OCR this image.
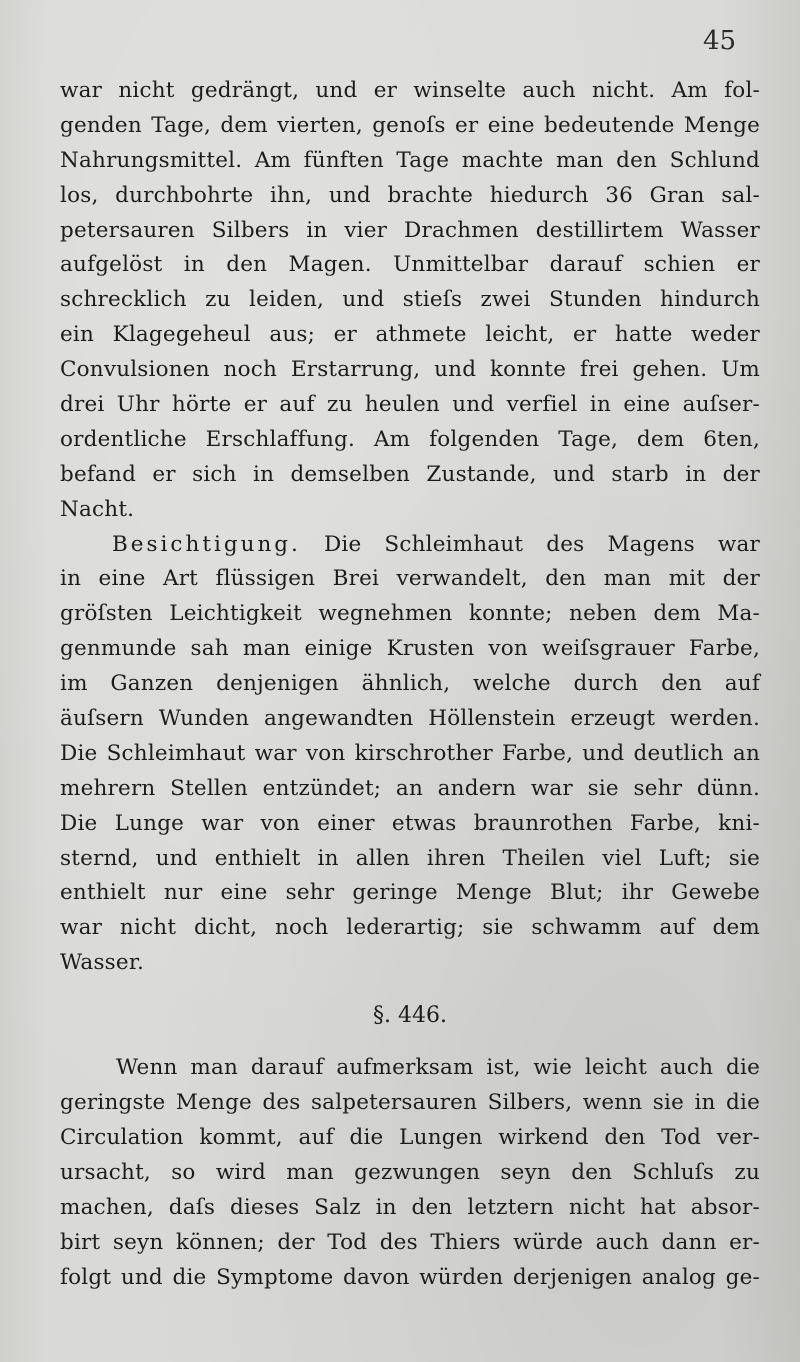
45
war nicht gedrängt, und er winselte auch nicht. Am fol-
genden Tage, dem vierten, genoſs er eine bedeutende Menge
Nahrungsmittel. Am fünften Tage machte man den Schlund
los, durchbohrte ihn, und brachte hiedurch 36 Gran sal-
petersauren Silbers in vier Drachmen destillirtem Wasser
aufgelöst in den Magen. Unmittelbar darauf schien er
schrecklich zu leiden, und stieſs zwei Stunden hindurch
ein Klagegeheul aus; er athmete leicht, er hatte weder
Convulsionen noch Erstarrung, und konnte frei gehen. Um
drei Uhr hörte er auf zu heulen und verfiel in eine auſser-
ordentliche Erschlaffung. Am folgenden Tage, dem 6ten,
befand er sich in demselben Zustande, und starb in der
Nacht.
Besichtigung. Die Schleimhaut des Magens war
in eine Art flüssigen Brei verwandelt, den man mit der
gröſsten Leichtigkeit wegnehmen konnte; neben dem Ma-
genmunde sah man einige Krusten von weiſsgrauer Farbe,
im Ganzen denjenigen ähnlich, welche durch den auf
äuſsern Wunden angewandten Höllenstein erzeugt werden.
Die Schleimhaut war von kirschrother Farbe, und deutlich an
mehrern Stellen entzündet; an andern war sie sehr dünn.
Die Lunge war von einer etwas braunrothen Farbe, kni-
sternd, und enthielt in allen ihren Theilen viel Luft; sie
enthielt nur eine sehr geringe Menge Blut; ihr Gewebe
war nicht dicht, noch lederartig; sie schwamm auf dem
Wasser.
§. 446.
Wenn man darauf aufmerksam ist, wie leicht auch die
geringste Menge des salpetersauren Silbers, wenn sie in die
Circulation kommt, auf die Lungen wirkend den Tod ver-
ursacht, so wird man gezwungen seyn den Schluſs zu
machen, daſs dieses Salz in den letztern nicht hat absor-
birt seyn können; der Tod des Thiers würde auch dann er-
folgt und die Symptome davon würden derjenigen analog ge-
